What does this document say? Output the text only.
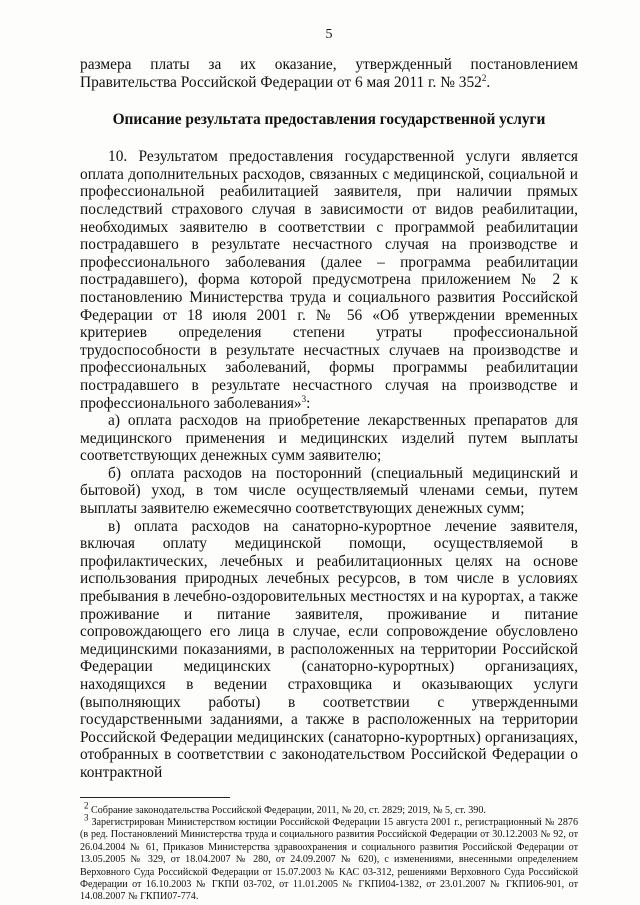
5

размера платы за их оказание, утвержденный постановлением Правительства Российской Федерации от 6 мая 2011 г. № $352^2$.

Описание результата предоставления государственной услуги

10. Результатом предоставления государственной услуги является оплата дополнительных расходов, связанных с медицинской, социальной и профессиональной реабилитацией заявителя, при наличии прямых последствий страхового случая в зависимости от видов реабилитации, необходимых заявителю в соответствии с программой реабилитации пострадавшего в результате несчастного случая на производстве и профессионального заболевания (далее – программа реабилитации пострадавшего), форма которой предусмотрена приложением № 2 к постановлению Министерства труда и социального развития Российской Федерации от 18 июля 2001 г. № 56 «Об утверждении временных критериев определения степени утраты профессиональной трудоспособности в результате несчастных случаев на производстве и профессиональных заболеваний, формы программы реабилитации пострадавшего в результате несчастного случая на производстве и профессионального заболевания»$^3$:

а) оплата расходов на приобретение лекарственных препаратов для медицинского применения и медицинских изделий путем выплаты соответствующих денежных сумм заявителю;

б) оплата расходов на посторонний (специальный медицинский и бытовой) уход, в том числе осуществляемый членами семьи, путем выплаты заявителю ежемесячно соответствующих денежных сумм;

в) оплата расходов на санаторно-курортное лечение заявителя, включая оплату медицинской помощи, осуществляемой в профилактических, лечебных и реабилитационных целях на основе использования природных лечебных ресурсов, в том числе в условиях пребывания в лечебно-оздоровительных местностях и на курортах, а также проживание и питание заявителя, проживание и питание сопровождающего его лица в случае, если сопровождение обусловлено медицинскими показаниями, в расположенных на территории Российской Федерации медицинских (санаторно-курортных) организациях, находящихся в ведении страховщика и оказывающих услуги (выполняющих работы) в соответствии с утвержденными государственными заданиями, а также в расположенных на территории Российской Федерации медицинских (санаторно-курортных) организациях, отобранных в соответствии с законодательством Российской Федерации о контрактной

$^2$ Собрание законодательства Российской Федерации, 2011, № 20, ст. 2829; 2019, № 5, ст. 390.

$^3$ Зарегистрирован Министерством юстиции Российской Федерации 15 августа 2001 г., регистрационный № 2876 (в ред. Постановлений Министерства труда и социального развития Российской Федерации от 30.12.2003 № 92, от 26.04.2004 № 61, Приказов Министерства здравоохранения и социального развития Российской Федерации от 13.05.2005 № 329, от 18.04.2007 № 280, от 24.09.2007 № 620), с изменениями, внесенными определением Верховного Суда Российской Федерации от 15.07.2003 № КАС 03-312, решениями Верховного Суда Российской Федерации от 16.10.2003 № ГКПИ 03-702, от 11.01.2005 № ГКПИ04-1382, от 23.01.2007 № ГКПИ06-901, от 14.08.2007 № ГКПИ07-774.
